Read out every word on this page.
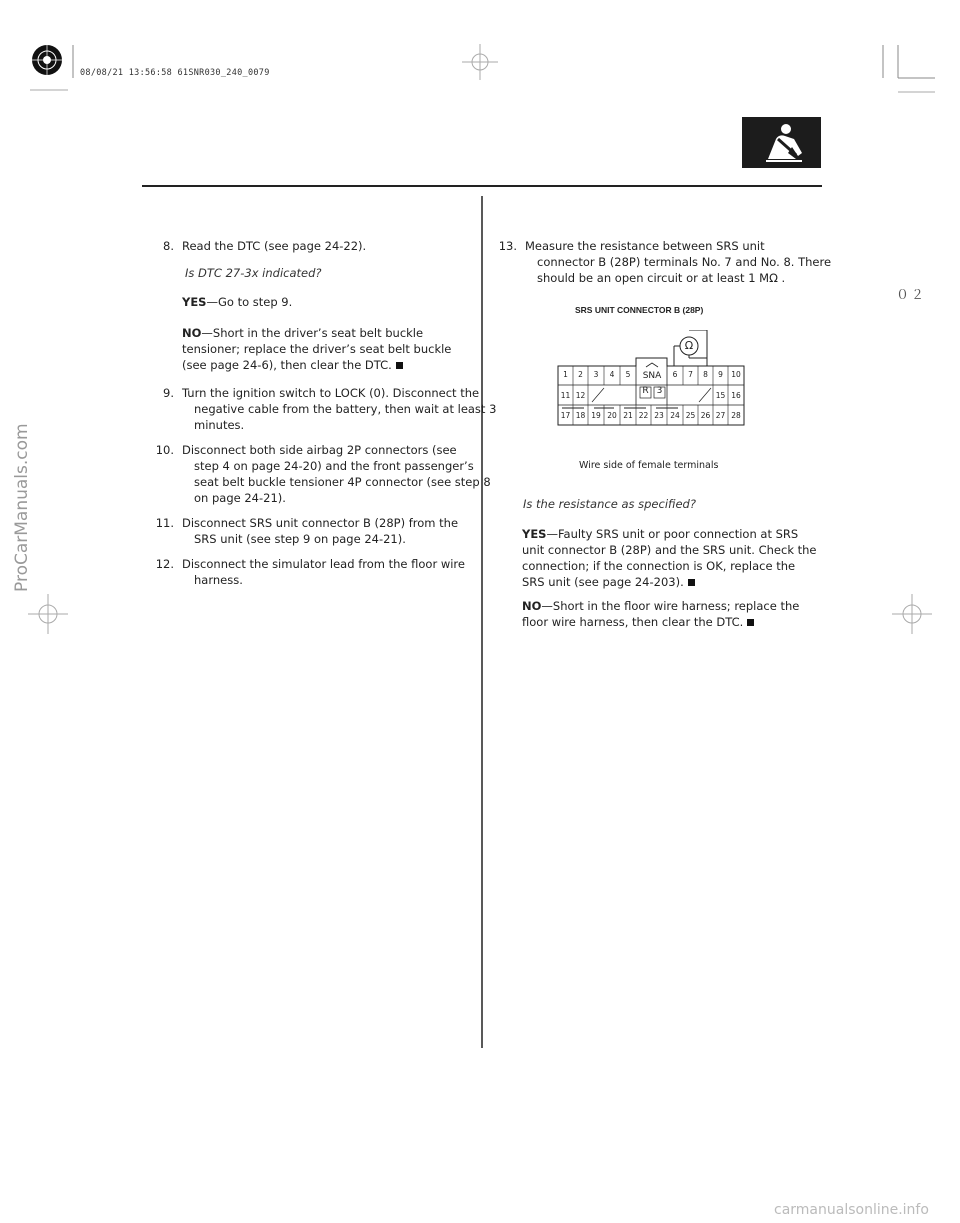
08/08/21 13:56:58 61SNR030_240_0079
０２
ProCarManuals.com
carmanualsonline.info
8. Read the DTC (see page 24-22).
Is DTC 27-3x indicated?
YES—Go to step 9.
NO—Short in the driver’s seat belt buckle
tensioner; replace the driver’s seat belt buckle
(see page 24-6), then clear the DTC.
9. Turn the ignition switch to LOCK (0). Disconnect the
negative cable from the battery, then wait at least 3
minutes.
10. Disconnect both side airbag 2P connectors (see
step 4 on page 24-20) and the front passenger’s
seat belt buckle tensioner 4P connector (see step 8
on page 24-21).
11. Disconnect SRS unit connector B (28P) from the
SRS unit (see step 9 on page 24-21).
12. Disconnect the simulator lead from the floor wire
harness.
13. Measure the resistance between SRS unit
connector B (28P) terminals No. 7 and No. 8. There
should be an open circuit or at least 1 MΩ .
SRS UNIT CONNECTOR B (28P)
Ω
SNA
R 3
1	2	3	4	5	6	7	8	9	10
11 12	15 16
17 18 19 20 21 22 23 24 25 26 27 28
Wire side of female terminals
Is the resistance as specified?
YES—Faulty SRS unit or poor connection at SRS
unit connector B (28P) and the SRS unit. Check the
connection; if the connection is OK, replace the
SRS unit (see page 24-203).
NO—Short in the floor wire harness; replace the
floor wire harness, then clear the DTC.
